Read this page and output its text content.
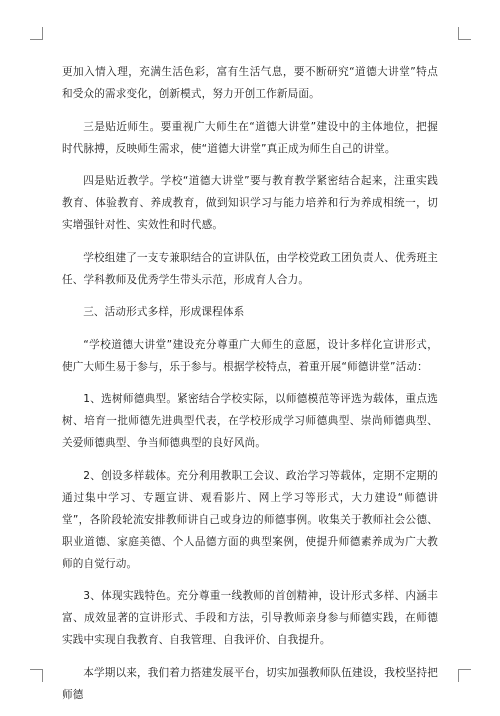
更加入情入理，充满生活色彩，富有生活气息，要不断研究“道德大讲堂”特点和受众的需求变化，创新模式，努力开创工作新局面。

三是贴近师生。要重视广大师生在“道德大讲堂”建设中的主体地位，把握时代脉搏，反映师生需求，使“道德大讲堂”真正成为师生自己的讲堂。

四是贴近教学。学校“道德大讲堂”要与教育教学紧密结合起来，注重实践教育、体验教育、养成教育，做到知识学习与能力培养和行为养成相统一，切实增强针对性、实效性和时代感。

学校组建了一支专兼职结合的宣讲队伍，由学校党政工团负责人、优秀班主任、学科教师及优秀学生带头示范，形成育人合力。

三、活动形式多样，形成课程体系

“学校道德大讲堂”建设充分尊重广大师生的意愿，设计多样化宣讲形式，使广大师生易于参与，乐于参与。根据学校特点，着重开展“师德讲堂”活动：

1、选树师德典型。紧密结合学校实际，以师德模范等评选为载体，重点选树、培育一批师德先进典型代表，在学校形成学习师德典型、崇尚师德典型、关爱师德典型、争当师德典型的良好风尚。

2、创设多样载体。充分利用教职工会议、政治学习等载体，定期不定期的通过集中学习、专题宣讲、观看影片、网上学习等形式，大力建设“师德讲堂”，各阶段轮流安排教师讲自己或身边的师德事例。收集关于教师社会公德、职业道德、家庭美德、个人品德方面的典型案例，使提升师德素养成为广大教师的自觉行动。

3、体现实践特色。充分尊重一线教师的首创精神，设计形式多样、内涵丰富、成效显著的宣讲形式、手段和方法，引导教师亲身参与师德实践，在师德实践中实现自我教育、自我管理、自我评价、自我提升。

本学期以来，我们着力搭建发展平台，切实加强教师队伍建设，我校坚持把师德
